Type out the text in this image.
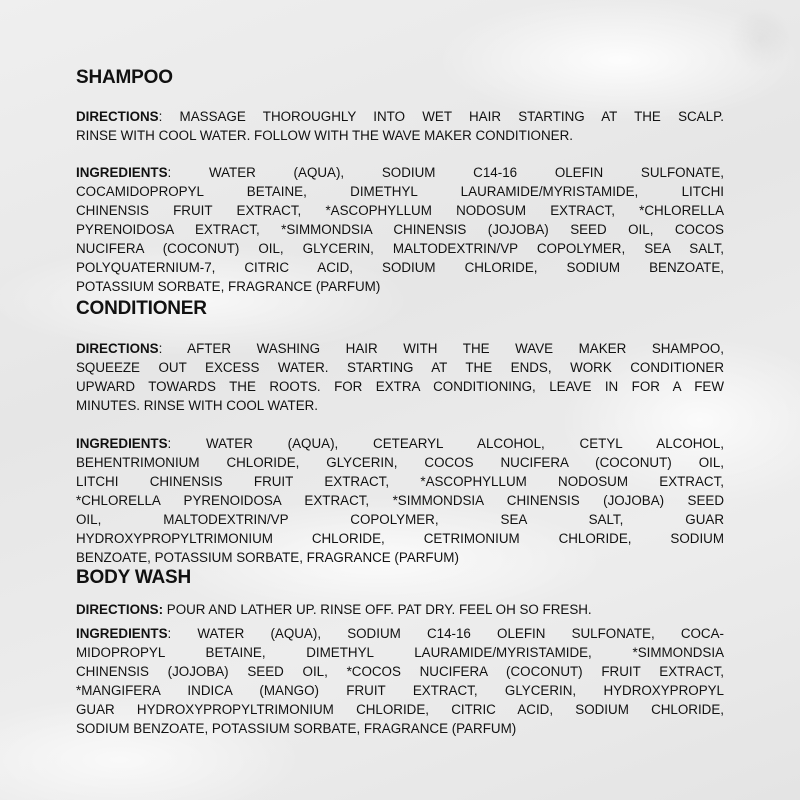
SHAMPOO

DIRECTIONS: MASSAGE THOROUGHLY INTO WET HAIR STARTING AT THE SCALP.
RINSE WITH COOL WATER. FOLLOW WITH THE WAVE MAKER CONDITIONER.

INGREDIENTS: WATER (AQUA), SODIUM C14-16 OLEFIN SULFONATE,
COCAMIDOPROPYL BETAINE, DIMETHYL LAURAMIDE/MYRISTAMIDE, LITCHI
CHINENSIS FRUIT EXTRACT, *ASCOPHYLLUM NODOSUM EXTRACT, *CHLORELLA
PYRENOIDOSA EXTRACT, *SIMMONDSIA CHINENSIS (JOJOBA) SEED OIL, COCOS
NUCIFERA (COCONUT) OIL, GLYCERIN, MALTODEXTRIN/VP COPOLYMER, SEA SALT,
POLYQUATERNIUM-7, CITRIC ACID, SODIUM CHLORIDE, SODIUM BENZOATE,
POTASSIUM SORBATE, FRAGRANCE (PARFUM)

CONDITIONER

DIRECTIONS: AFTER WASHING HAIR WITH THE WAVE MAKER SHAMPOO,
SQUEEZE OUT EXCESS WATER. STARTING AT THE ENDS, WORK CONDITIONER
UPWARD TOWARDS THE ROOTS. FOR EXTRA CONDITIONING, LEAVE IN FOR A FEW
MINUTES. RINSE WITH COOL WATER.

INGREDIENTS: WATER (AQUA), CETEARYL ALCOHOL, CETYL ALCOHOL,
BEHENTRIMONIUM CHLORIDE, GLYCERIN, COCOS NUCIFERA (COCONUT) OIL,
LITCHI CHINENSIS FRUIT EXTRACT, *ASCOPHYLLUM NODOSUM EXTRACT,
*CHLORELLA PYRENOIDOSA EXTRACT, *SIMMONDSIA CHINENSIS (JOJOBA) SEED
OIL, MALTODEXTRIN/VP COPOLYMER, SEA SALT, GUAR
HYDROXYPROPYLTRIMONIUM CHLORIDE, CETRIMONIUM CHLORIDE, SODIUM
BENZOATE, POTASSIUM SORBATE, FRAGRANCE (PARFUM)

BODY WASH

DIRECTIONS: POUR AND LATHER UP. RINSE OFF. PAT DRY. FEEL OH SO FRESH.

INGREDIENTS: WATER (AQUA), SODIUM C14-16 OLEFIN SULFONATE, COCA-
MIDOPROPYL BETAINE, DIMETHYL LAURAMIDE/MYRISTAMIDE, *SIMMONDSIA
CHINENSIS (JOJOBA) SEED OIL, *COCOS NUCIFERA (COCONUT) FRUIT EXTRACT,
*MANGIFERA INDICA (MANGO) FRUIT EXTRACT, GLYCERIN, HYDROXYPROPYL
GUAR HYDROXYPROPYLTRIMONIUM CHLORIDE, CITRIC ACID, SODIUM CHLORIDE,
SODIUM BENZOATE, POTASSIUM SORBATE, FRAGRANCE (PARFUM)
